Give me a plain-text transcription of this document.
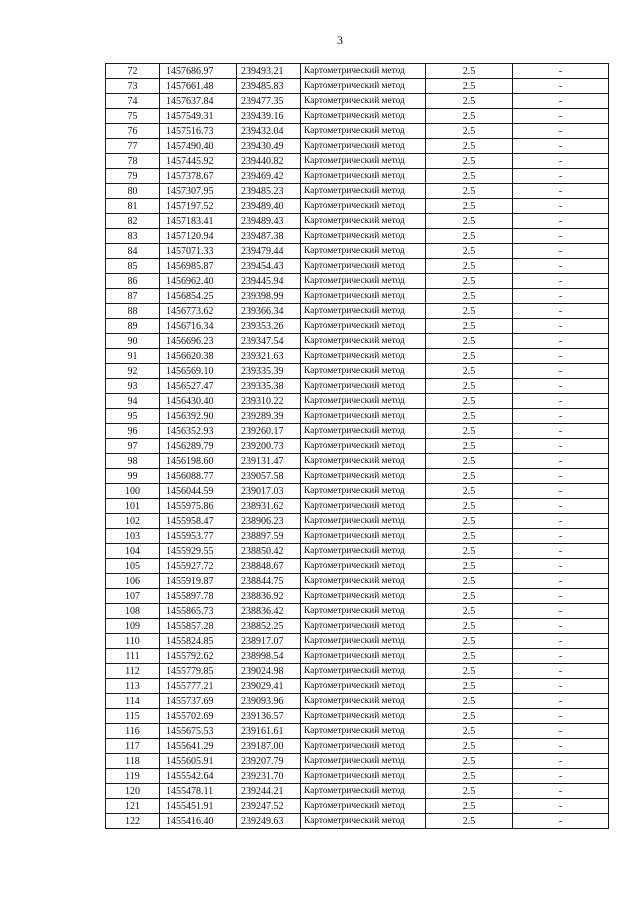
3
72	1457686.97	239493.21	Картометрический метод	2.5	-
73	1457661.48	239485.83	Картометрический метод	2.5	-
74	1457637.84	239477.35	Картометрический метод	2.5	-
75	1457549.31	239439.16	Картометрический метод	2.5	-
76	1457516.73	239432.04	Картометрический метод	2.5	-
77	1457490.40	239430.49	Картометрический метод	2.5	-
78	1457445.92	239440.82	Картометрический метод	2.5	-
79	1457378.67	239469.42	Картометрический метод	2.5	-
80	1457307.95	239485.23	Картометрический метод	2.5	-
81	1457197.52	239489.40	Картометрический метод	2.5	-
82	1457183.41	239489.43	Картометрический метод	2.5	-
83	1457120.94	239487.38	Картометрический метод	2.5	-
84	1457071.33	239479.44	Картометрический метод	2.5	-
85	1456985.87	239454.43	Картометрический метод	2.5	-
86	1456962.40	239445.94	Картометрический метод	2.5	-
87	1456854.25	239398.99	Картометрический метод	2.5	-
88	1456773.62	239366.34	Картометрический метод	2.5	-
89	1456716.34	239353.26	Картометрический метод	2.5	-
90	1456696.23	239347.54	Картометрический метод	2.5	-
91	1456620.38	239321.63	Картометрический метод	2.5	-
92	1456569.10	239335.39	Картометрический метод	2.5	-
93	1456527.47	239335.38	Картометрический метод	2.5	-
94	1456430.40	239310.22	Картометрический метод	2.5	-
95	1456392.90	239289.39	Картометрический метод	2.5	-
96	1456352.93	239260.17	Картометрический метод	2.5	-
97	1456289.79	239200.73	Картометрический метод	2.5	-
98	1456198.60	239131.47	Картометрический метод	2.5	-
99	1456088.77	239057.58	Картометрический метод	2.5	-
100	1456044.59	239017.03	Картометрический метод	2.5	-
101	1455975.86	238931.62	Картометрический метод	2.5	-
102	1455958.47	238906.23	Картометрический метод	2.5	-
103	1455953.77	238897.59	Картометрический метод	2.5	-
104	1455929.55	238850.42	Картометрический метод	2.5	-
105	1455927.72	238848.67	Картометрический метод	2.5	-
106	1455919.87	238844.75	Картометрический метод	2.5	-
107	1455897.78	238836.92	Картометрический метод	2.5	-
108	1455865.73	238836.42	Картометрический метод	2.5	-
109	1455857.28	238852.25	Картометрический метод	2.5	-
110	1455824.85	238917.07	Картометрический метод	2.5	-
111	1455792.62	238998.54	Картометрический метод	2.5	-
112	1455779.85	239024.98	Картометрический метод	2.5	-
113	1455777.21	239029.41	Картометрический метод	2.5	-
114	1455737.69	239093.96	Картометрический метод	2.5	-
115	1455702.69	239136.57	Картометрический метод	2.5	-
116	1455675.53	239161.61	Картометрический метод	2.5	-
117	1455641.29	239187.00	Картометрический метод	2.5	-
118	1455605.91	239207.79	Картометрический метод	2.5	-
119	1455542.64	239231.70	Картометрический метод	2.5	-
120	1455478.11	239244.21	Картометрический метод	2.5	-
121	1455451.91	239247.52	Картометрический метод	2.5	-
122	1455416.40	239249.63	Картометрический метод	2.5	-
